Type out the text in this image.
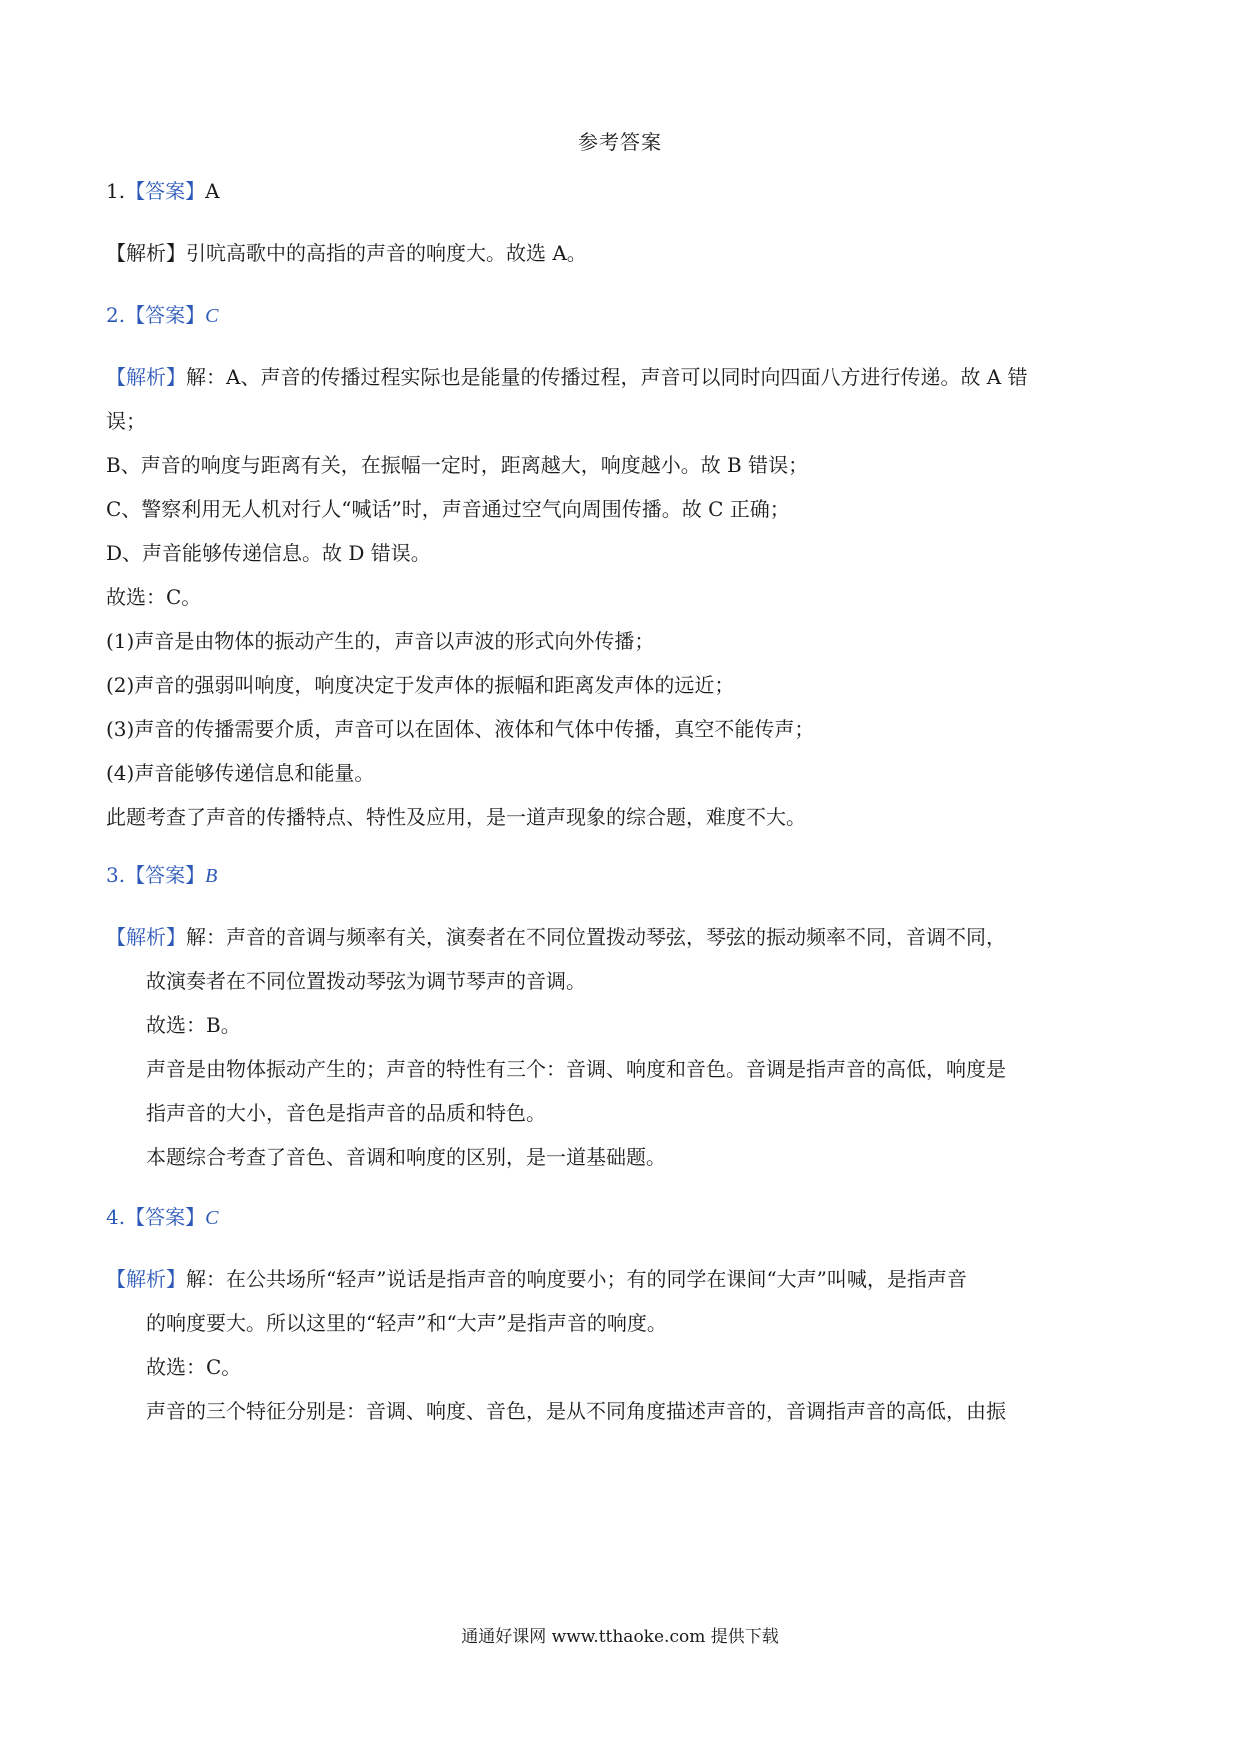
参考答案
1.【答案】A
【解析】引吭高歌中的高指的声音的响度大。故选 A。
2.【答案】C
【解析】解：A、声音的传播过程实际也是能量的传播过程，声音可以同时向四面八方进行传递。故 A 错
误；
B、声音的响度与距离有关，在振幅一定时，距离越大，响度越小。故 B 错误；
C、警察利用无人机对行人“喊话”时，声音通过空气向周围传播。故 C 正确；
D、声音能够传递信息。故 D 错误。
故选：C。
(1)声音是由物体的振动产生的，声音以声波的形式向外传播；
(2)声音的强弱叫响度，响度决定于发声体的振幅和距离发声体的远近；
(3)声音的传播需要介质，声音可以在固体、液体和气体中传播，真空不能传声；
(4)声音能够传递信息和能量。
此题考查了声音的传播特点、特性及应用，是一道声现象的综合题，难度不大。
3.【答案】B
【解析】解：声音的音调与频率有关，演奏者在不同位置拨动琴弦，琴弦的振动频率不同，音调不同，
故演奏者在不同位置拨动琴弦为调节琴声的音调。
故选：B。
声音是由物体振动产生的；声音的特性有三个：音调、响度和音色。音调是指声音的高低，响度是
指声音的大小，音色是指声音的品质和特色。
本题综合考查了音色、音调和响度的区别，是一道基础题。
4.【答案】C
【解析】解：在公共场所“轻声”说话是指声音的响度要小；有的同学在课间“大声”叫喊，是指声音
的响度要大。所以这里的“轻声”和“大声”是指声音的响度。
故选：C。
声音的三个特征分别是：音调、响度、音色，是从不同角度描述声音的，音调指声音的高低，由振
通通好课网 www.tthaoke.com 提供下载
